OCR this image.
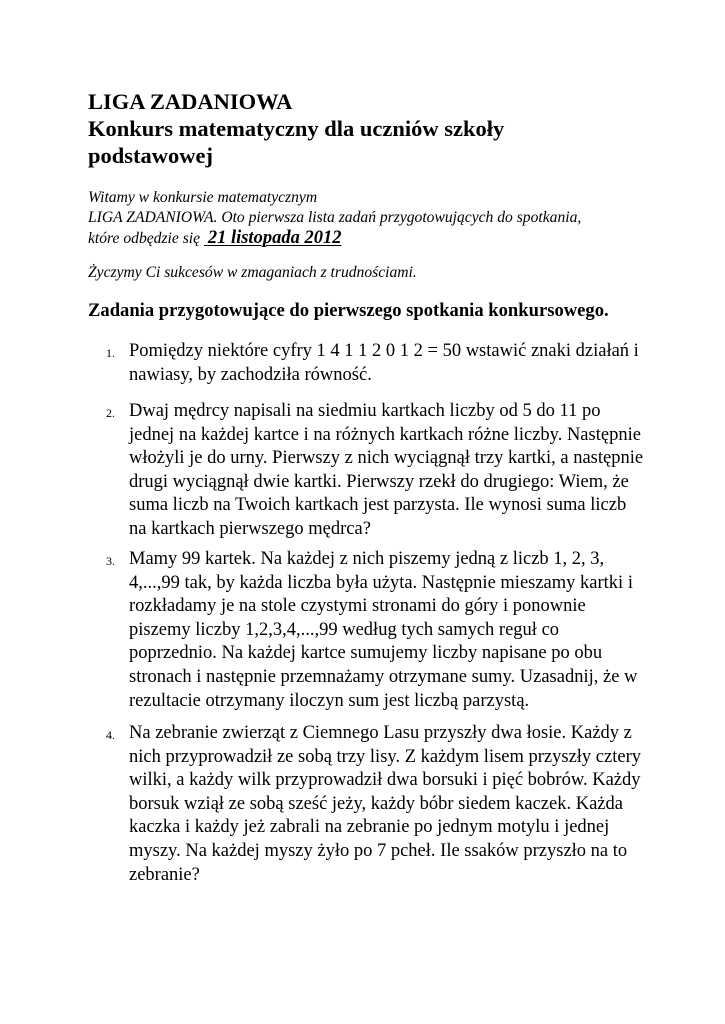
LIGA ZADANIOWA
Konkurs matematyczny dla uczniów szkoły
podstawowej
Witamy w konkursie matematycznym
LIGA ZADANIOWA. Oto pierwsza lista zadań przygotowujących do spotkania,
które odbędzie się  21 listopada 2012
Życzymy Ci sukcesów w zmaganiach z trudnościami.
Zadania przygotowujące do pierwszego spotkania konkursowego.
1. Pomiędzy niektóre cyfry 1 4 1 1 2 0 1 2 = 50 wstawić znaki działań i
nawiasy, by zachodziła równość.
2. Dwaj mędrcy napisali na siedmiu kartkach liczby od 5 do 11 po
jednej na każdej kartce i na różnych kartkach różne liczby. Następnie
włożyli je do urny. Pierwszy z nich wyciągnął trzy kartki, a następnie
drugi wyciągnął dwie kartki. Pierwszy rzekł do drugiego: Wiem, że
suma liczb na Twoich kartkach jest parzysta. Ile wynosi suma liczb
na kartkach pierwszego mędrca?
3. Mamy 99 kartek. Na każdej z nich piszemy jedną z liczb 1, 2, 3,
4,...,99 tak, by każda liczba była użyta. Następnie mieszamy kartki i
rozkładamy je na stole czystymi stronami do góry i ponownie
piszemy liczby 1,2,3,4,...,99 według tych samych reguł co
poprzednio. Na każdej kartce sumujemy liczby napisane po obu
stronach i następnie przemnażamy otrzymane sumy. Uzasadnij, że w
rezultacie otrzymany iloczyn sum jest liczbą parzystą.
4. Na zebranie zwierząt z Ciemnego Lasu przyszły dwa łosie. Każdy z
nich przyprowadził ze sobą trzy lisy. Z każdym lisem przyszły cztery
wilki, a każdy wilk przyprowadził dwa borsuki i pięć bobrów. Każdy
borsuk wziął ze sobą sześć jeży, każdy bóbr siedem kaczek. Każda
kaczka i każdy jeż zabrali na zebranie po jednym motylu i jednej
myszy. Na każdej myszy żyło po 7 pcheł. Ile ssaków przyszło na to
zebranie?
